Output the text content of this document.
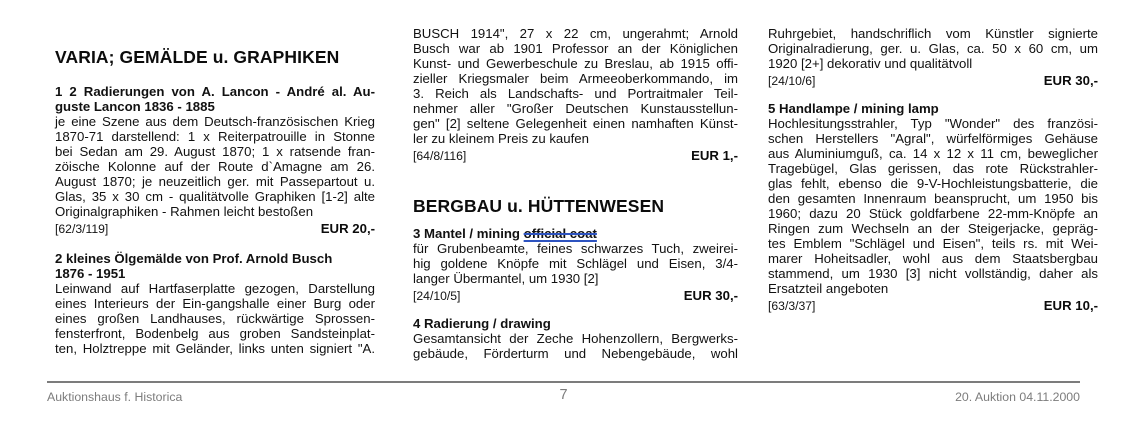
VARIA; GEMÄLDE u. GRAPHIKEN
1 2 Radierungen von A. Lancon - André al. Au-
guste Lancon 1836 - 1885
je eine Szene aus dem Deutsch-französischen Krieg
1870-71 darstellend: 1 x Reiterpatrouille in Stonne
bei Sedan am 29. August 1870; 1 x ratsende fran-
zöische Kolonne auf der Route d`Amagne am 26.
August 1870; je neuzeitlich ger. mit Passepartout u.
Glas, 35 x 30 cm - qualitätvolle Graphiken [1-2] alte
Originalgraphiken - Rahmen leicht bestoßen
[62/3/119]	EUR 20,-
2 kleines Ölgemälde von Prof. Arnold Busch
1876 - 1951
Leinwand auf Hartfaserplatte gezogen, Darstellung
eines Interieurs der Ein-gangshalle einer Burg oder
eines großen Landhauses, rückwärtige Sprossen-
fensterfront, Bodenbelg aus groben Sandsteinplat-
ten, Holztreppe mit Geländer, links unten signiert "A.
BUSCH 1914", 27 x 22 cm, ungerahmt; Arnold
Busch war ab 1901 Professor an der Königlichen
Kunst- und Gewerbeschule zu Breslau, ab 1915 offi-
zieller Kriegsmaler beim Armeeoberkommando, im
3. Reich als Landschafts- und Portraitmaler Teil-
nehmer aller "Großer Deutschen Kunstausstellun-
gen" [2] seltene Gelegenheit einen namhaften Künst-
ler zu kleinem Preis zu kaufen
[64/8/116]	EUR 1,-
BERGBAU u. HÜTTENWESEN
3 Mantel / mining official coat
für Grubenbeamte, feines schwarzes Tuch, zweirei-
hig goldene Knöpfe mit Schlägel und Eisen, 3/4-
langer Übermantel, um 1930 [2]
[24/10/5]	EUR 30,-
4 Radierung / drawing
Gesamtansicht der Zeche Hohenzollern, Bergwerks-
gebäude, Förderturm und Nebengebäude, wohl
Ruhrgebiet, handschriflich vom Künstler signierte
Originalradierung, ger. u. Glas, ca. 50 x 60 cm, um
1920 [2+] dekorativ und qualitätvoll
[24/10/6]	EUR 30,-
5 Handlampe / mining lamp
Hochlesitungsstrahler, Typ "Wonder" des französi-
schen Herstellers "Agral", würfelförmiges Gehäuse
aus Aluminiumguß, ca. 14 x 12 x 11 cm, beweglicher
Tragebügel, Glas gerissen, das rote Rückstrahler-
glas fehlt, ebenso die 9-V-Hochleistungsbatterie, die
den gesamten Innenraum beansprucht, um 1950 bis
1960; dazu 20 Stück goldfarbene 22-mm-Knöpfe an
Ringen zum Wechseln an der Steigerjacke, gepräg-
tes Emblem "Schlägel und Eisen", teils rs. mit Wei-
marer Hoheitsadler, wohl aus dem Staatsbergbau
stammend, um 1930 [3] nicht vollständig, daher als
Ersatzteil angeboten
[63/3/37]	EUR 10,-
Auktionshaus f. Historica	7	20. Auktion 04.11.2000
